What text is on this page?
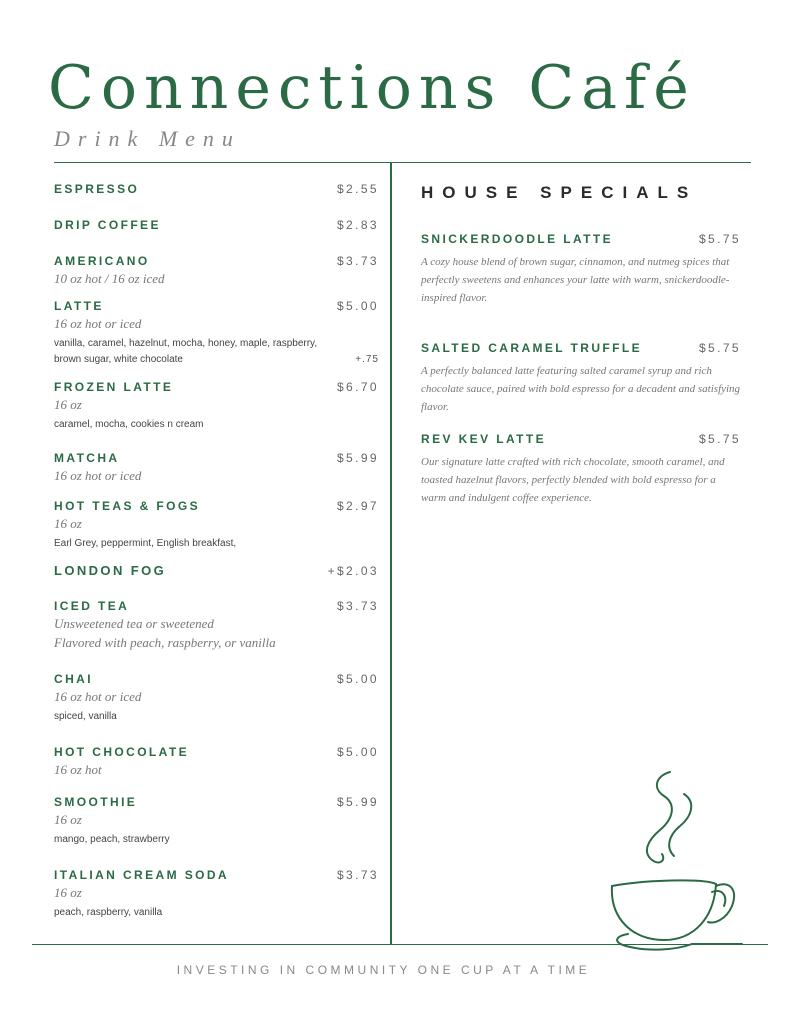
Connections Café
Drink Menu
ESPRESSO	$2.55
DRIP COFFEE	$2.83
AMERICANO	$3.73
10 oz hot / 16 oz iced
LATTE	$5.00
16 oz hot or iced
vanilla, caramel, hazelnut, mocha, honey, maple, raspberry,
brown sugar, white chocolate	+.75
FROZEN LATTE	$6.70
16 oz
caramel, mocha, cookies n cream
MATCHA	$5.99
16 oz hot or iced
HOT TEAS & FOGS	$2.97
16 oz
Earl Grey, peppermint, English breakfast,
LONDON FOG	+$2.03
ICED TEA	$3.73
Unsweetened tea or sweetened
Flavored with peach, raspberry, or vanilla
CHAI	$5.00
16 oz hot or iced
spiced, vanilla
HOT CHOCOLATE	$5.00
16 oz hot
SMOOTHIE	$5.99
16 oz
mango, peach, strawberry
ITALIAN CREAM SODA	$3.73
16 oz
peach, raspberry, vanilla
HOUSE SPECIALS
SNICKERDOODLE LATTE	$5.75
A cozy house blend of brown sugar, cinnamon, and nutmeg spices that perfectly sweetens and enhances your latte with warm, snickerdoodle-inspired flavor.
SALTED CARAMEL TRUFFLE	$5.75
A perfectly balanced latte featuring salted caramel syrup and rich chocolate sauce, paired with bold espresso for a decadent and satisfying flavor.
REV KEV LATTE	$5.75
Our signature latte crafted with rich chocolate, smooth caramel, and toasted hazelnut flavors, perfectly blended with bold espresso for a warm and indulgent coffee experience.
INVESTING IN COMMUNITY ONE CUP AT A TIME
